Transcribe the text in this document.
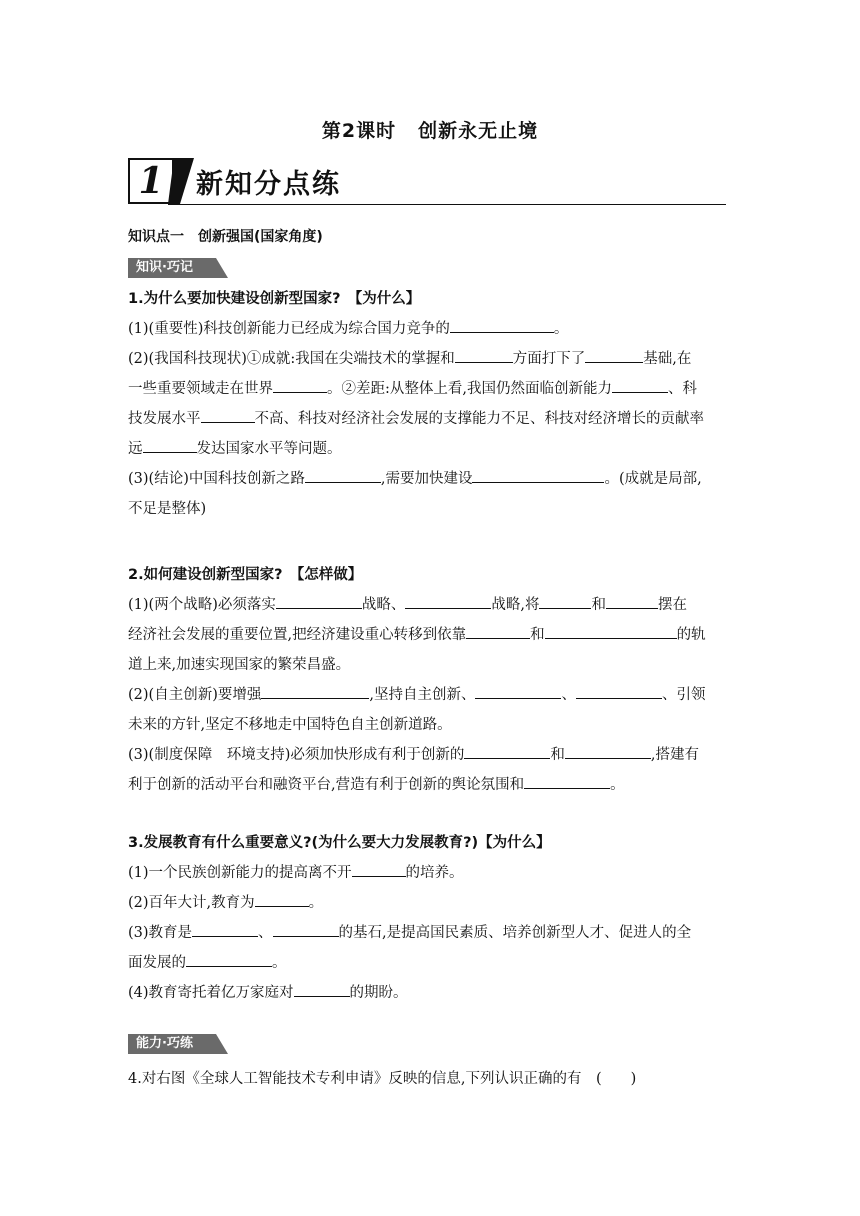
第2课时 创新永无止境
1	新知分点练
知识点一　创新强国(国家角度)
知识·巧记
1.为什么要加快建设创新型国家?　【为什么】
(1)(重要性)科技创新能力已经成为综合国力竞争的	。
(2)(我国科技现状)①成就:我国在尖端技术的掌握和	方面打下了	基础,在
一些重要领域走在世界	。②差距:从整体上看,我国仍然面临创新能力	、科
技发展水平	不高、科技对经济社会发展的支撑能力不足、科技对经济增长的贡献率
远	发达国家水平等问题。
(3)(结论)中国科技创新之路	,需要加快建设	。(成就是局部,
不足是整体)
2.如何建设创新型国家?　【怎样做】
(1)(两个战略)必须落实	战略、	战略,将	和	摆在
经济社会发展的重要位置,把经济建设重心转移到依靠	和	的轨
道上来,加速实现国家的繁荣昌盛。
(2)(自主创新)要增强	,坚持自主创新、	、	、引领
未来的方针,坚定不移地走中国特色自主创新道路。
(3)(制度保障　环境支持)必须加快形成有利于创新的	和	,搭建有
利于创新的活动平台和融资平台,营造有利于创新的舆论氛围和	。
3.发展教育有什么重要意义?(为什么要大力发展教育?)【为什么】
(1)一个民族创新能力的提高离不开	的培养。
(2)百年大计,教育为	。
(3)教育是	、	的基石,是提高国民素质、培养创新型人才、促进人的全
面发展的	。
(4)教育寄托着亿万家庭对	的期盼。
能力·巧练
4.对右图《全球人工智能技术专利申请》反映的信息,下列认识正确的有　(　　)
